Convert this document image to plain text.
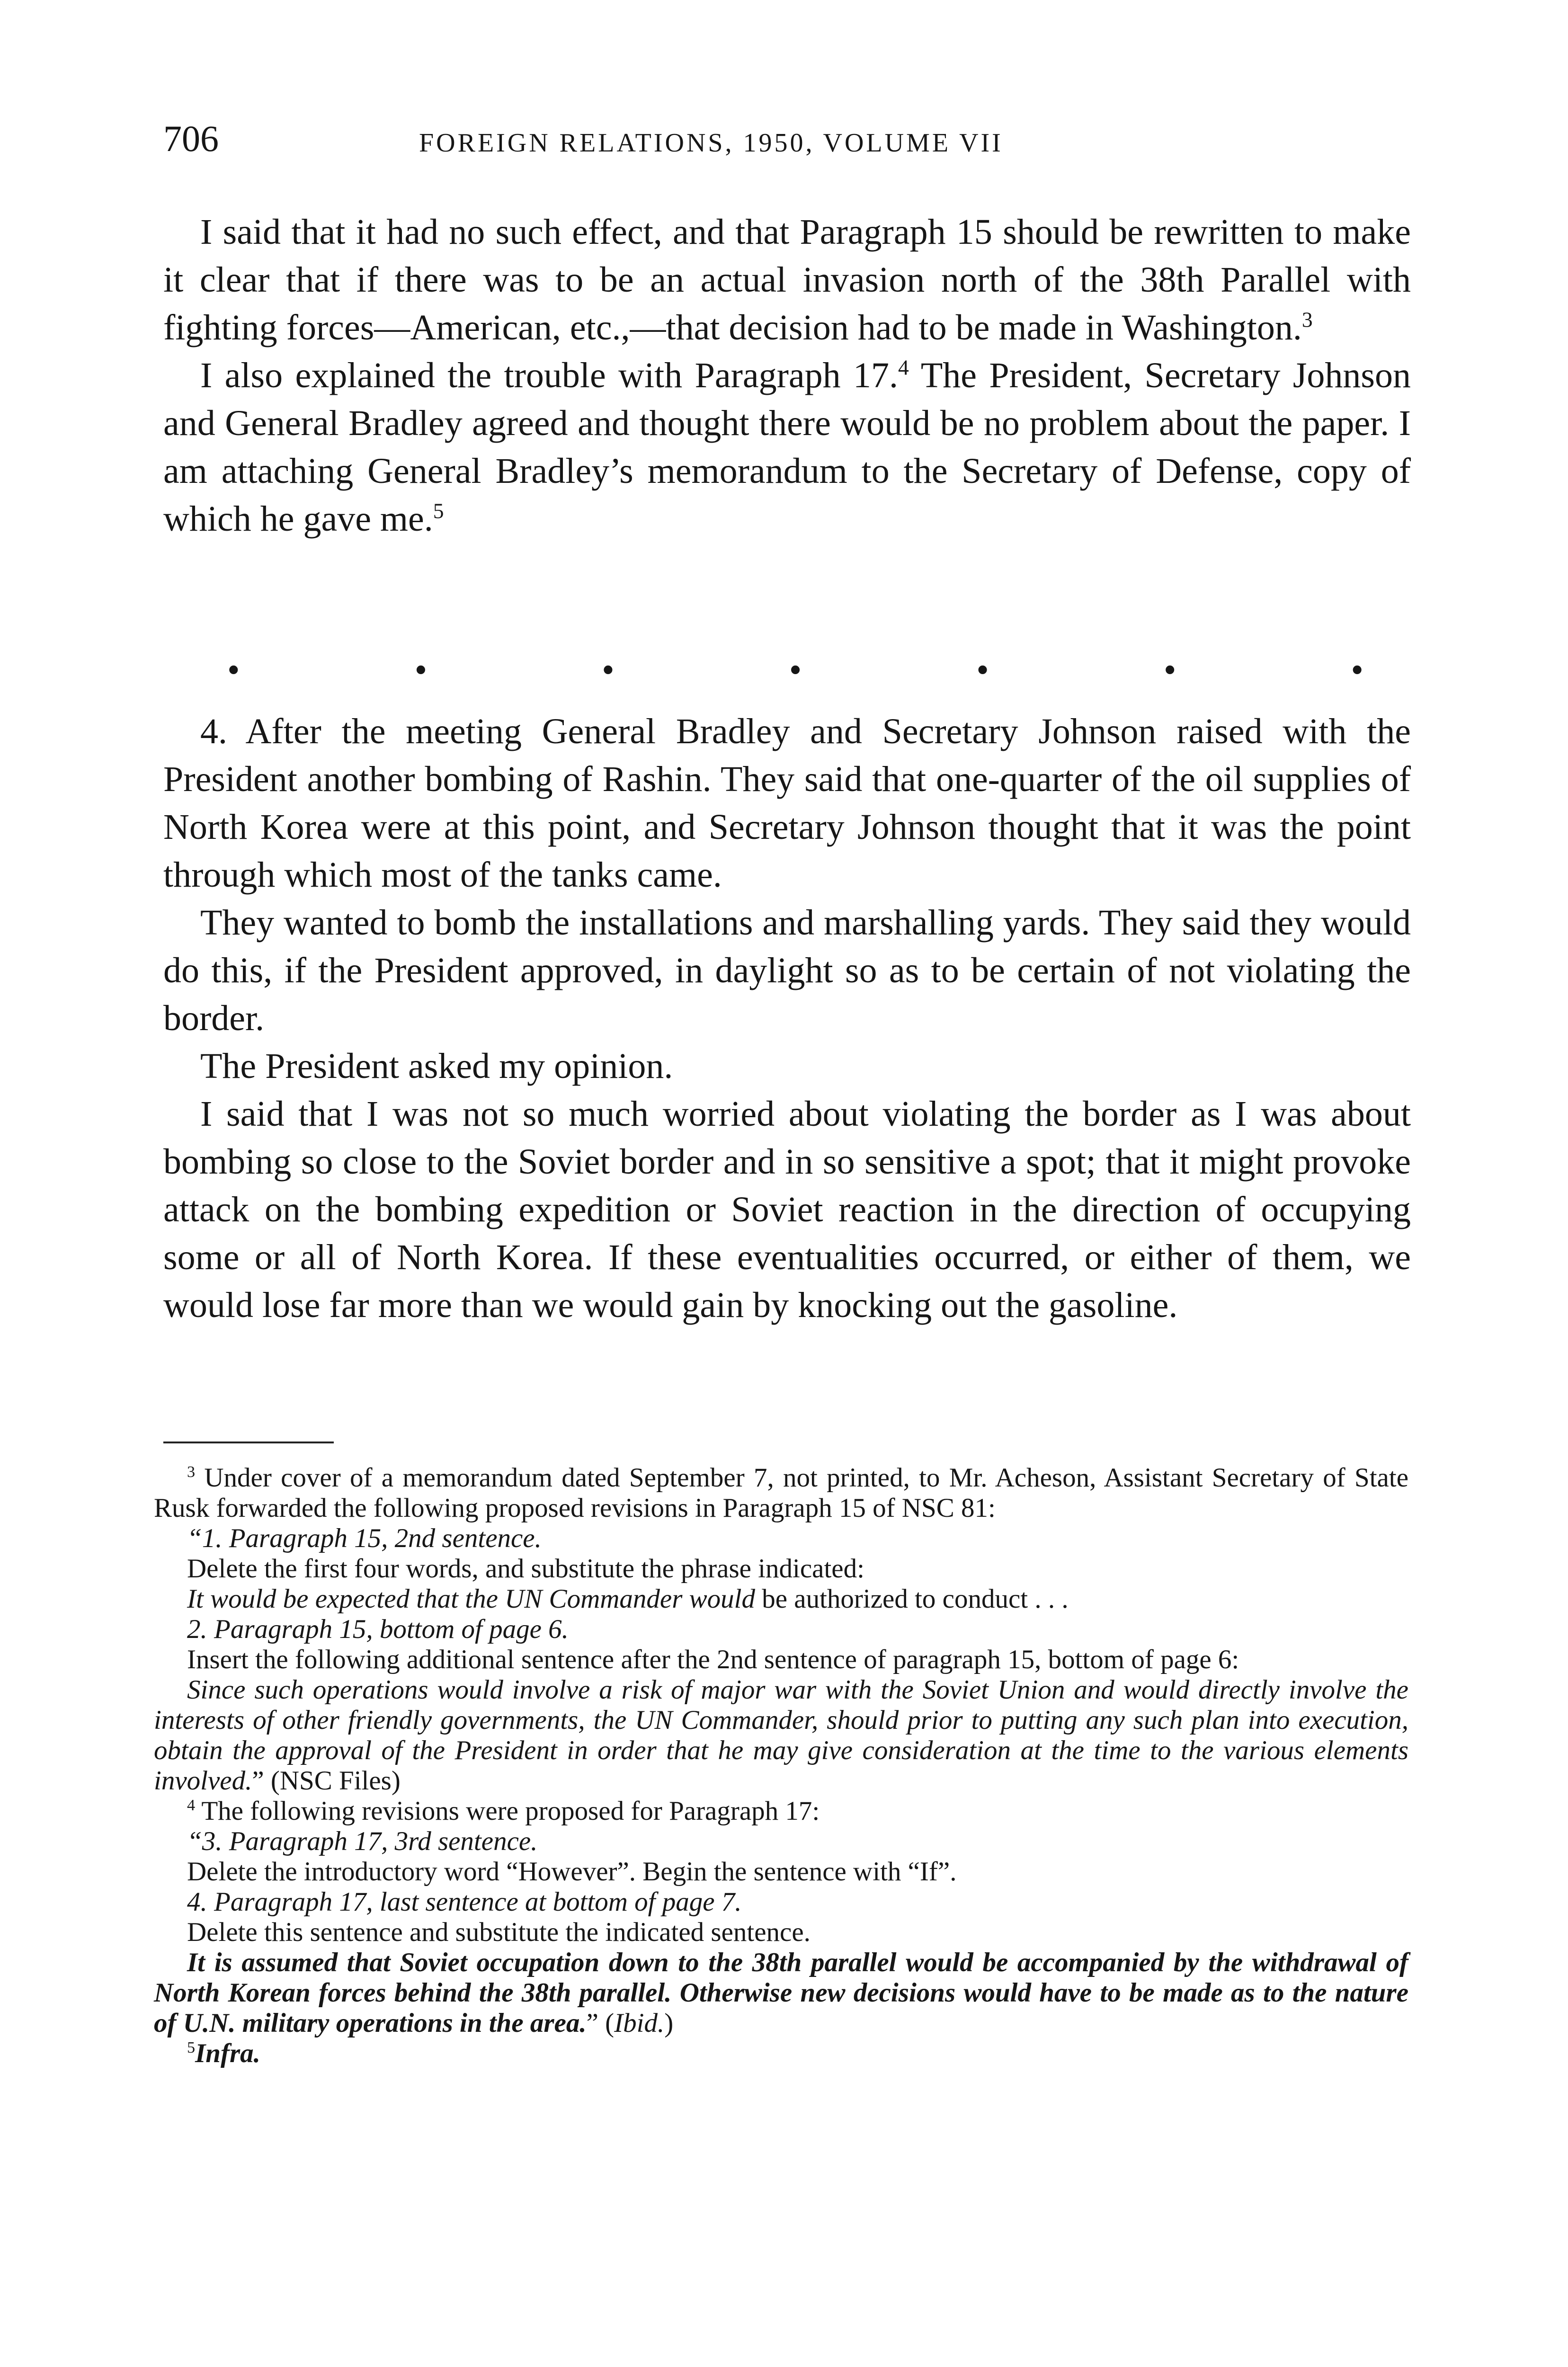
706	FOREIGN RELATIONS, 1950, VOLUME VII

I said that it had no such effect, and that Paragraph 15 should be rewritten to make it clear that if there was to be an actual invasion north of the 38th Parallel with fighting forces—American, etc.,—that decision had to be made in Washington.$^3$

I also explained the trouble with Paragraph 17.$^4$ The President, Secretary Johnson and General Bradley agreed and thought there would be no problem about the paper. I am attaching General Bradley’s memorandum to the Secretary of Defense, copy of which he gave me.$^5$

•	•	•	•	•	•	•

4. After the meeting General Bradley and Secretary Johnson raised with the President another bombing of Rashin. They said that one-quarter of the oil supplies of North Korea were at this point, and Secretary Johnson thought that it was the point through which most of the tanks came.

They wanted to bomb the installations and marshalling yards. They said they would do this, if the President approved, in daylight so as to be certain of not violating the border.

The President asked my opinion.

I said that I was not so much worried about violating the border as I was about bombing so close to the Soviet border and in so sensitive a spot; that it might provoke attack on the bombing expedition or Soviet reaction in the direction of occupying some or all of North Korea. If these eventualities occurred, or either of them, we would lose far more than we would gain by knocking out the gasoline.

$^3$ Under cover of a memorandum dated September 7, not printed, to Mr. Acheson, Assistant Secretary of State Rusk forwarded the following proposed revisions in Paragraph 15 of NSC 81:

“1. Paragraph 15, 2nd sentence.

Delete the first four words, and substitute the phrase indicated:

It would be expected that the UN Commander would be authorized to conduct . . .

2. Paragraph 15, bottom of page 6.

Insert the following additional sentence after the 2nd sentence of paragraph 15, bottom of page 6:

Since such operations would involve a risk of major war with the Soviet Union and would directly involve the interests of other friendly governments, the UN Commander, should prior to putting any such plan into execution, obtain the approval of the President in order that he may give consideration at the time to the various elements involved.” (NSC Files)

$^4$ The following revisions were proposed for Paragraph 17:

“3. Paragraph 17, 3rd sentence.

Delete the introductory word “However”. Begin the sentence with “If”.

4. Paragraph 17, last sentence at bottom of page 7.

Delete this sentence and substitute the indicated sentence.

It is assumed that Soviet occupation down to the 38th parallel would be accompanied by the withdrawal of North Korean forces behind the 38th parallel. Otherwise new decisions would have to be made as to the nature of U.N. military operations in the area.” (Ibid.)

$^5$Infra.
